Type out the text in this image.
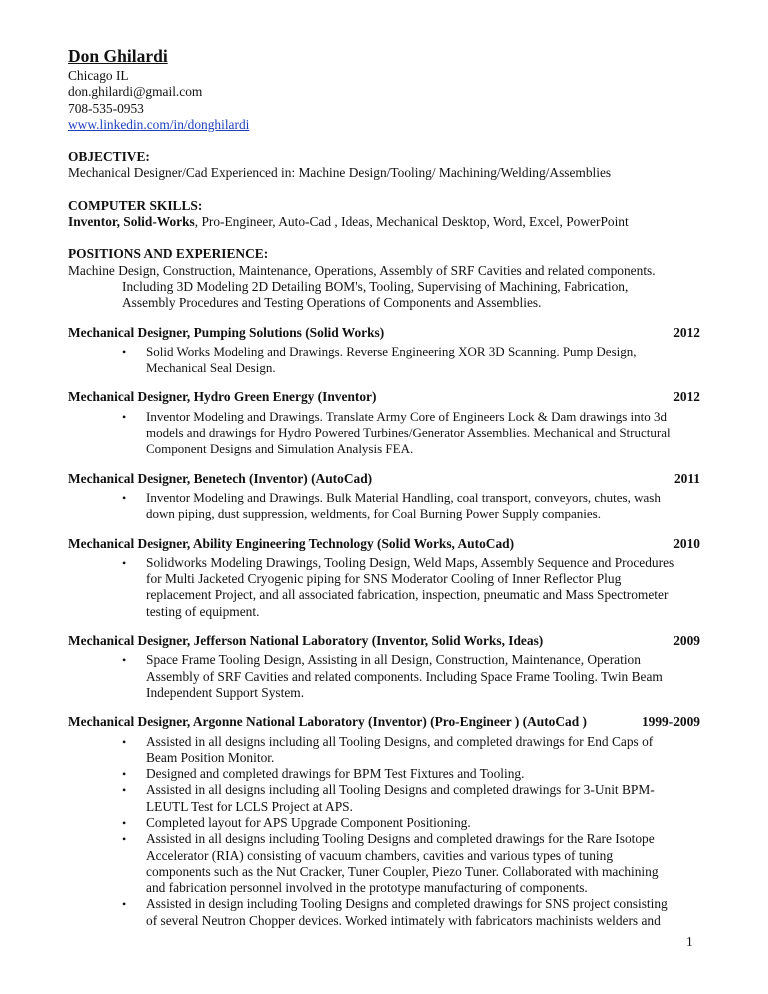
Don Ghilardi
Chicago IL
don.ghilardi@gmail.com
708-535-0953
www.linkedin.com/in/donghilardi
OBJECTIVE:
Mechanical Designer/Cad Experienced in: Machine Design/Tooling/ Machining/Welding/Assemblies
COMPUTER SKILLS:
Inventor, Solid-Works, Pro-Engineer, Auto-Cad , Ideas, Mechanical Desktop, Word, Excel, PowerPoint
POSITIONS AND EXPERIENCE:
Machine Design, Construction, Maintenance, Operations, Assembly of SRF Cavities and related components.
Including 3D Modeling 2D Detailing BOM's, Tooling, Supervising of Machining, Fabrication,
Assembly Procedures and Testing Operations of Components and Assemblies.
Mechanical Designer, Pumping Solutions (Solid Works)	2012
• Solid Works Modeling and Drawings. Reverse Engineering XOR 3D Scanning. Pump Design,
Mechanical Seal Design.
Mechanical Designer, Hydro Green Energy (Inventor)	2012
• Inventor Modeling and Drawings. Translate Army Core of Engineers Lock & Dam drawings into 3d
models and drawings for Hydro Powered Turbines/Generator Assemblies. Mechanical and Structural
Component Designs and Simulation Analysis FEA.
Mechanical Designer, Benetech (Inventor) (AutoCad)	2011
• Inventor Modeling and Drawings. Bulk Material Handling, coal transport, conveyors, chutes, wash
down piping, dust suppression, weldments, for Coal Burning Power Supply companies.
Mechanical Designer, Ability Engineering Technology (Solid Works, AutoCad)	2010
• Solidworks Modeling Drawings, Tooling Design, Weld Maps, Assembly Sequence and Procedures
for Multi Jacketed Cryogenic piping for SNS Moderator Cooling of Inner Reflector Plug
replacement Project, and all associated fabrication, inspection, pneumatic and Mass Spectrometer
testing of equipment.
Mechanical Designer, Jefferson National Laboratory (Inventor, Solid Works, Ideas)	2009
• Space Frame Tooling Design, Assisting in all Design, Construction, Maintenance, Operation
Assembly of SRF Cavities and related components. Including Space Frame Tooling. Twin Beam
Independent Support System.
Mechanical Designer, Argonne National Laboratory (Inventor) (Pro-Engineer ) (AutoCad )	1999-2009
• Assisted in all designs including all Tooling Designs, and completed drawings for End Caps of
Beam Position Monitor.
• Designed and completed drawings for BPM Test Fixtures and Tooling.
• Assisted in all designs including all Tooling Designs and completed drawings for 3-Unit BPM-
LEUTL Test for LCLS Project at APS.
• Completed layout for APS Upgrade Component Positioning.
• Assisted in all designs including Tooling Designs and completed drawings for the Rare Isotope
Accelerator (RIA) consisting of vacuum chambers, cavities and various types of tuning
components such as the Nut Cracker, Tuner Coupler, Piezo Tuner. Collaborated with machining
and fabrication personnel involved in the prototype manufacturing of components.
• Assisted in design including Tooling Designs and completed drawings for SNS project consisting
of several Neutron Chopper devices. Worked intimately with fabricators machinists welders and
1
